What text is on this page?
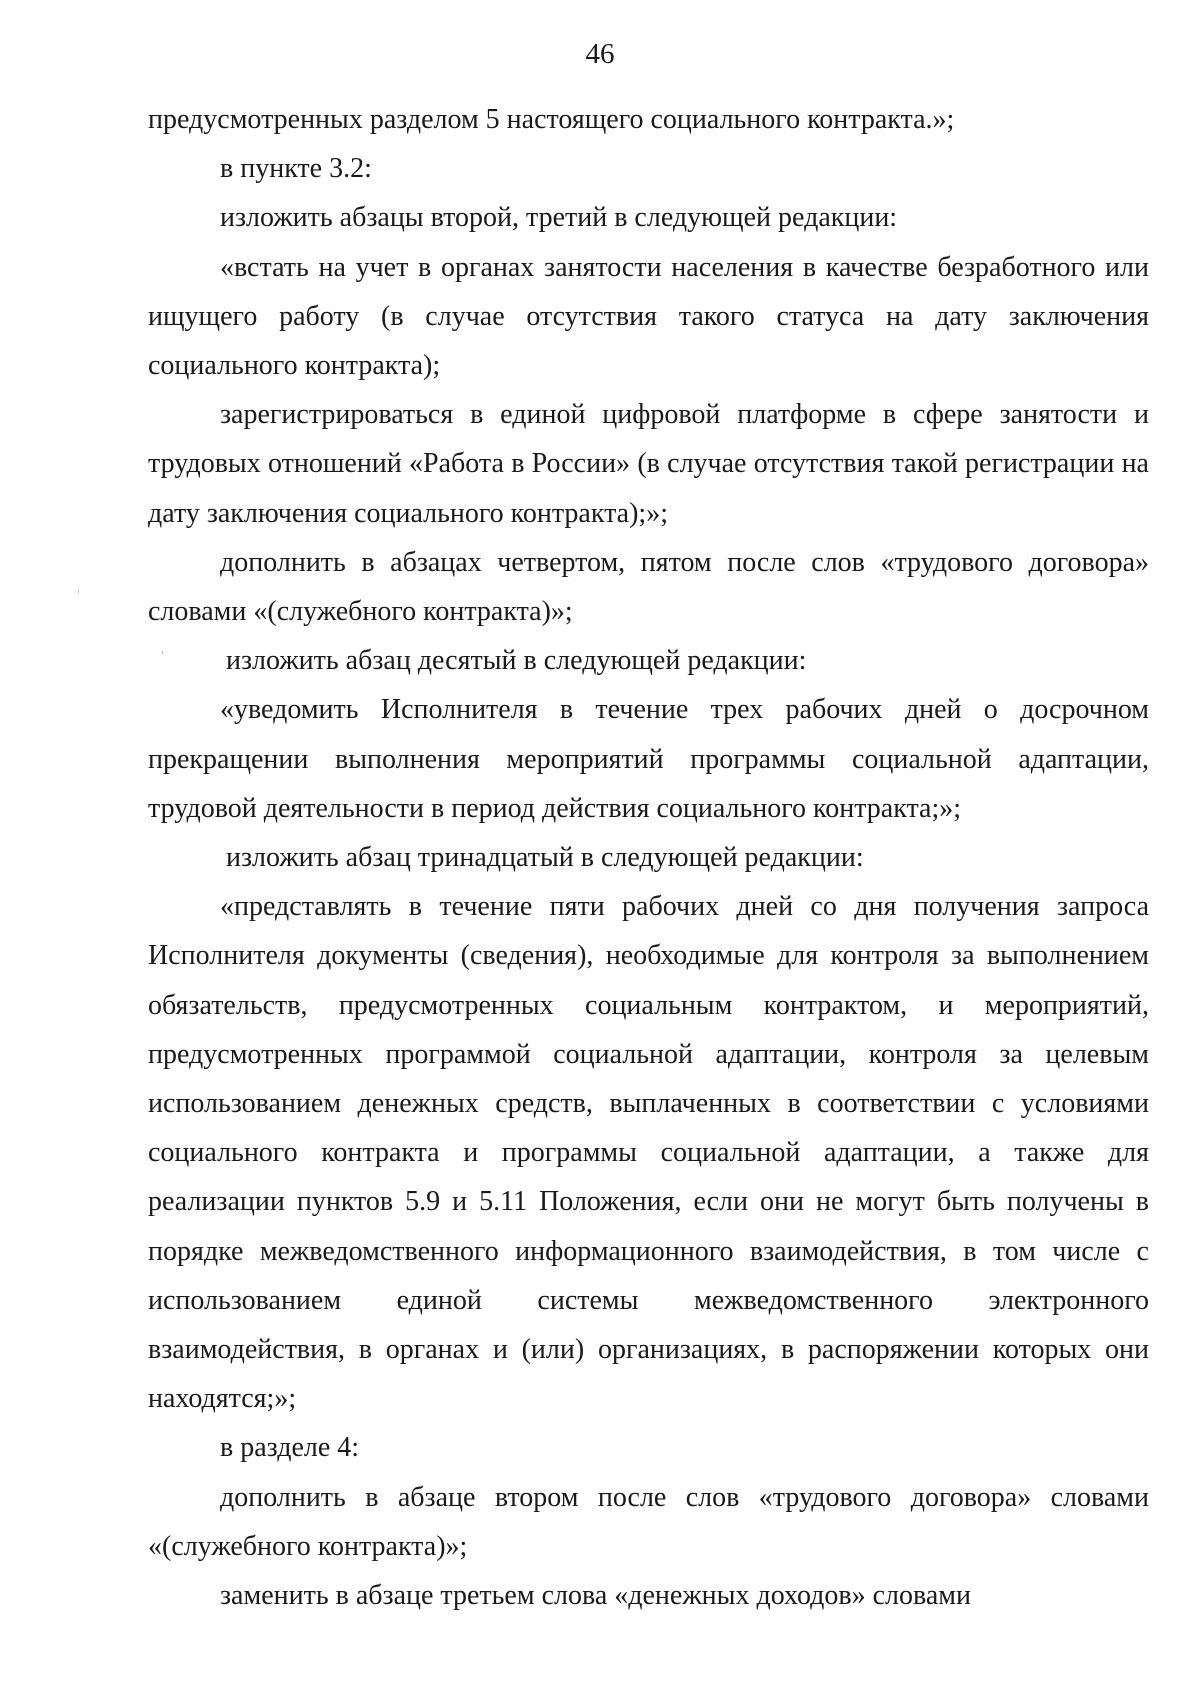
46

предусмотренных разделом 5 настоящего социального контракта.»;

в пункте 3.2:

изложить абзацы второй, третий в следующей редакции:

«встать на учет в органах занятости населения в качестве безработного или ищущего работу (в случае отсутствия такого статуса на дату заключения социального контракта);

зарегистрироваться в единой цифровой платформе в сфере занятости и трудовых отношений «Работа в России» (в случае отсутствия такой регистрации на дату заключения социального контракта);»;

дополнить в абзацах четвертом, пятом после слов «трудового договора» словами «(служебного контракта)»;

изложить абзац десятый в следующей редакции:

«уведомить Исполнителя в течение трех рабочих дней о досрочном прекращении выполнения мероприятий программы социальной адаптации, трудовой деятельности в период действия социального контракта;»;

изложить абзац тринадцатый в следующей редакции:

«представлять в течение пяти рабочих дней со дня получения запроса Исполнителя документы (сведения), необходимые для контроля за выполнением обязательств, предусмотренных социальным контрактом, и мероприятий, предусмотренных программой социальной адаптации, контроля за целевым использованием денежных средств, выплаченных в соответствии с условиями социального контракта и программы социальной адаптации, а также для реализации пунктов 5.9 и 5.11 Положения, если они не могут быть получены в порядке межведомственного информационного взаимодействия, в том числе с использованием единой системы межведомственного электронного взаимодействия, в органах и (или) организациях, в распоряжении которых они находятся;»;

в разделе 4:

дополнить в абзаце втором после слов «трудового договора» словами «(служебного контракта)»;

заменить в абзаце третьем слова «денежных доходов» словами
